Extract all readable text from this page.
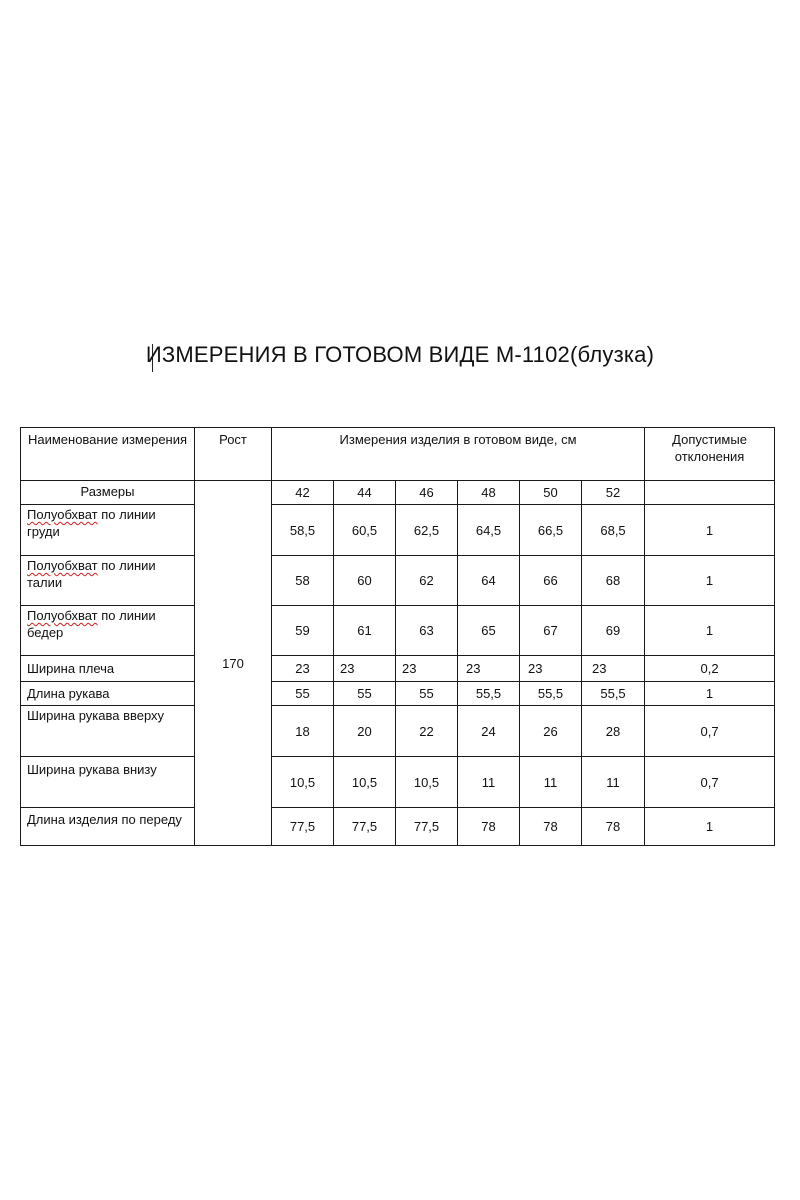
ИЗМЕРЕНИЯ В ГОТОВОМ ВИДЕ М-1102(блузка)
Наименование измерения	Рост	Измерения изделия в готовом виде, см						Допустимые отклонения
Размеры	170	42	44	46	48	50	52	
Полуобхват по линии груди		58,5	60,5	62,5	64,5	66,5	68,5	1
Полуобхват по линии талии		58	60	62	64	66	68	1
Полуобхват по линии бедер		59	61	63	65	67	69	1
Ширина плеча		23	23	23	23	23	23	0,2
Длина рукава		55	55	55	55,5	55,5	55,5	1
Ширина рукава вверху		18	20	22	24	26	28	0,7
Ширина рукава внизу		10,5	10,5	10,5	11	11	11	0,7
Длина изделия по переду		77,5	77,5	77,5	78	78	78	1
